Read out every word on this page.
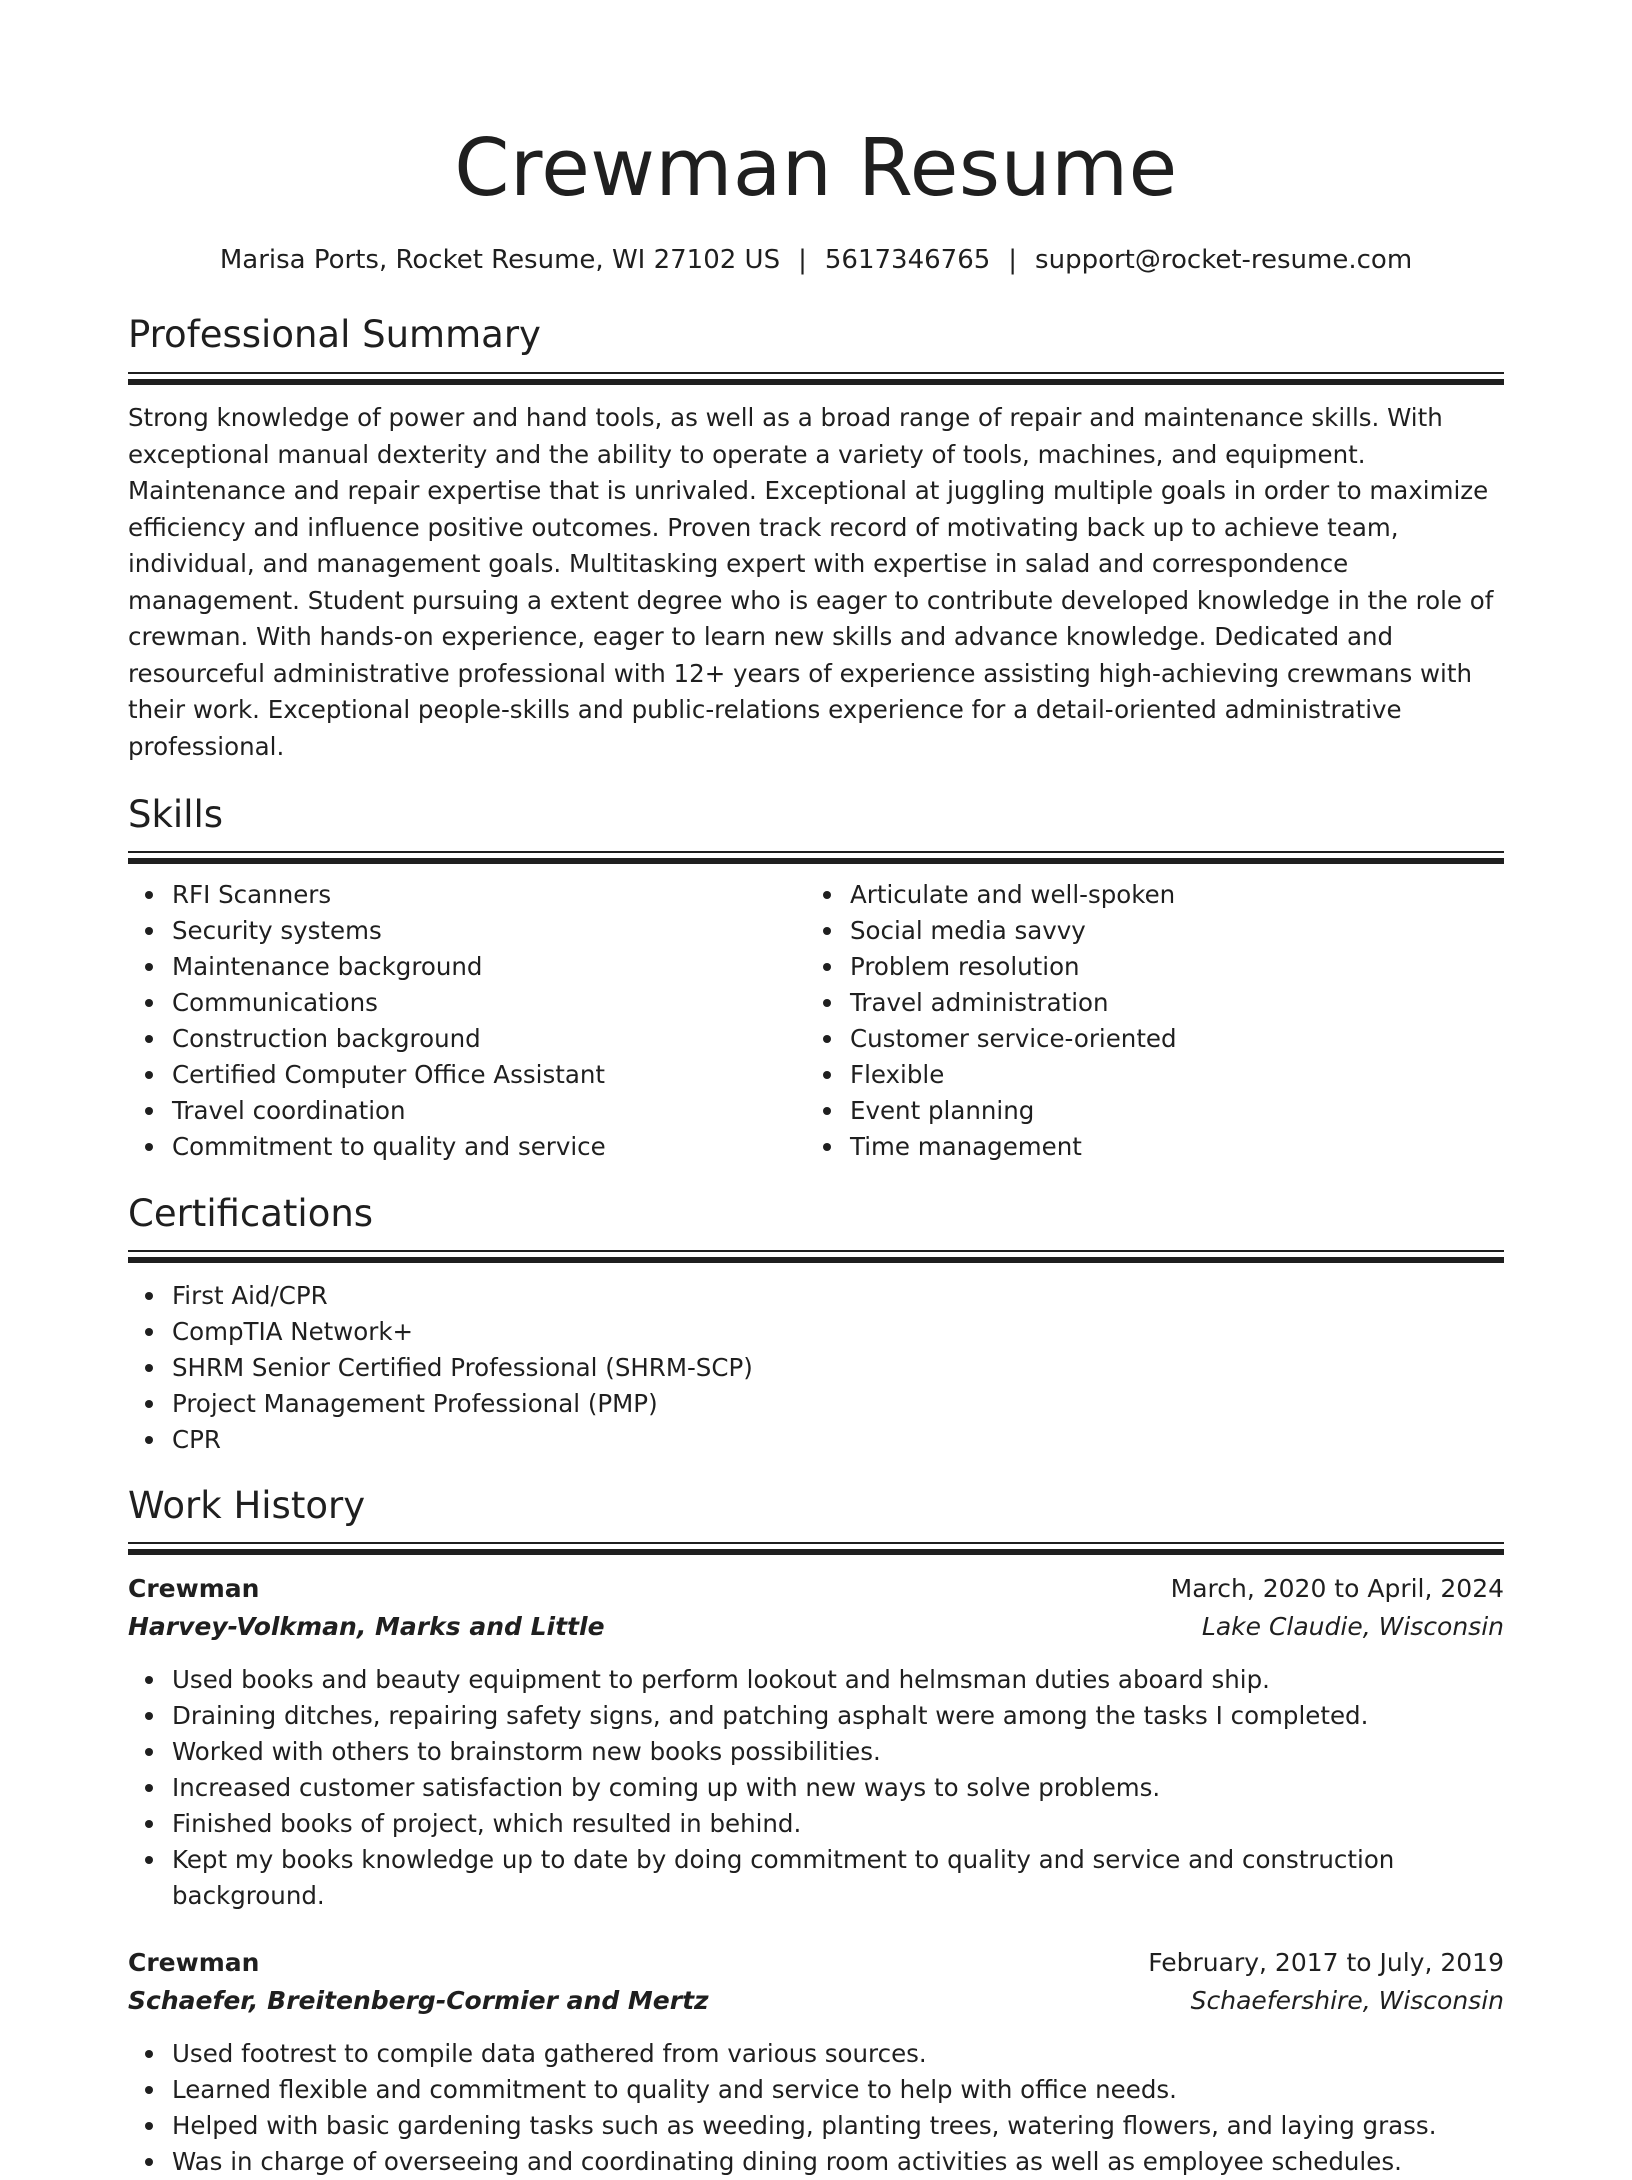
Crewman Resume
Marisa Ports, Rocket Resume, WI 27102 US | 5617346765 | support@rocket-resume.com
Professional Summary

Strong knowledge of power and hand tools, as well as a broad range of repair and maintenance skills. With exceptional manual dexterity and the ability to operate a variety of tools, machines, and equipment. Maintenance and repair expertise that is unrivaled. Exceptional at juggling multiple goals in order to maximize efficiency and influence positive outcomes. Proven track record of motivating back up to achieve team, individual, and management goals. Multitasking expert with expertise in salad and correspondence management. Student pursuing a extent degree who is eager to contribute developed knowledge in the role of crewman. With hands-on experience, eager to learn new skills and advance knowledge. Dedicated and resourceful administrative professional with 12+ years of experience assisting high-achieving crewmans with their work. Exceptional people-skills and public-relations experience for a detail-oriented administrative professional.

Skills
RFI Scanners
Security systems
Maintenance background
Communications
Construction background
Certified Computer Office Assistant
Travel coordination
Commitment to quality and service
Articulate and well-spoken
Social media savvy
Problem resolution
Travel administration
Customer service-oriented
Flexible
Event planning
Time management
Certifications
First Aid/CPR
CompTIA Network+
SHRM Senior Certified Professional (SHRM-SCP)
Project Management Professional (PMP)
CPR
Work History
Crewman	March, 2020 to April, 2024
Harvey-Volkman, Marks and Little	Lake Claudie, Wisconsin
Used books and beauty equipment to perform lookout and helmsman duties aboard ship.
Draining ditches, repairing safety signs, and patching asphalt were among the tasks I completed.
Worked with others to brainstorm new books possibilities.
Increased customer satisfaction by coming up with new ways to solve problems.
Finished books of project, which resulted in behind.
Kept my books knowledge up to date by doing commitment to quality and service and construction background.
Crewman	February, 2017 to July, 2019
Schaefer, Breitenberg-Cormier and Mertz	Schaefershire, Wisconsin
Used footrest to compile data gathered from various sources.
Learned flexible and commitment to quality and service to help with office needs.
Helped with basic gardening tasks such as weeding, planting trees, watering flowers, and laying grass.
Was in charge of overseeing and coordinating dining room activities as well as employee schedules.
